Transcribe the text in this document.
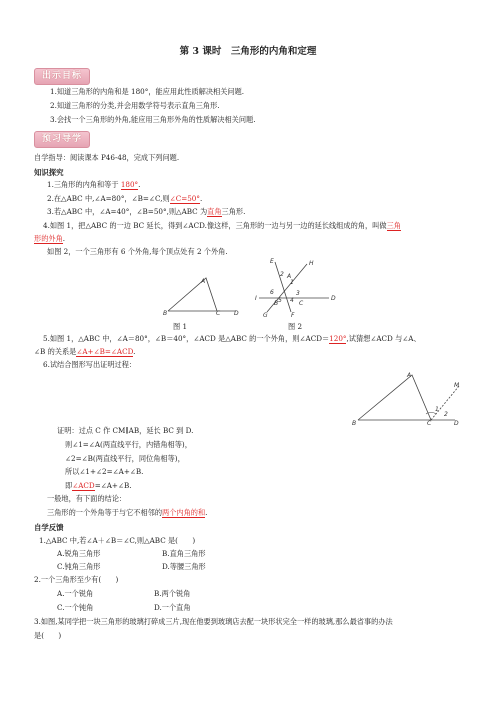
第 3 课时　三角形的内角和定理
出示目标
1.知道三角形的内角和是 180°，能应用此性质解决相关问题.
2.知道三角形的分类,并会用数学符号表示直角三角形.
3.会找一个三角形的外角,能应用三角形外角的性质解决相关问题.
预习导学
自学指导：阅读课本 P46-48，完成下列问题.
知识探究
1.三角形的内角和等于 180°.
2.在△ABC 中,∠A=80°，∠B=∠C,则∠C=50°.
3.若△ABC 中，∠A=40°，∠B=50°,则△ABC 为直角三角形.
4.如图 1，把△ABC 的一边 BC 延长，得到∠ACD.像这样，三角形的一边与另一边的延长线组成的角，叫做三角
形的外角.
如图 2，一个三角形有 6 个外角,每个顶点处有 2 个外角.
A
B	C D
E	H
A
I
B	C
D
F
G
2
1
6
5 4
3
图 1	图 2
5.如图 1，△ABC 中，∠A＝80°，∠B＝40°，∠ACD 是△ABC 的一个外角，则∠ACD＝120°,试猜想∠ACD 与∠A、
∠B 的关系是∠A+∠B=∠ACD.
6.试结合图形写出证明过程：
A
M
B	C	D
1
2
证明：过点 C 作 CM∥AB，延长 BC 到 D.
则∠1=∠A(两直线平行，内错角相等)，
∠2=∠B(两直线平行，同位角相等)，
所以∠1+∠2=∠A+∠B.
即∠ACD=∠A+∠B.
一般地，有下面的结论：
三角形的一个外角等于与它不相邻的两个内角的和.
自学反馈
1.△ABC 中,若∠A＋∠B＝∠C,则△ABC 是(　　)
A.锐角三角形	B.直角三角形
C.钝角三角形	D.等腰三角形
2.一个三角形至少有(　　)
A.一个锐角	B.两个锐角
C.一个钝角	D.一个直角
3.如图,某同学把一块三角形的玻璃打碎成三片,现在他要到玻璃店去配一块形状完全一样的玻璃,那么最省事的办法
是(　　)
